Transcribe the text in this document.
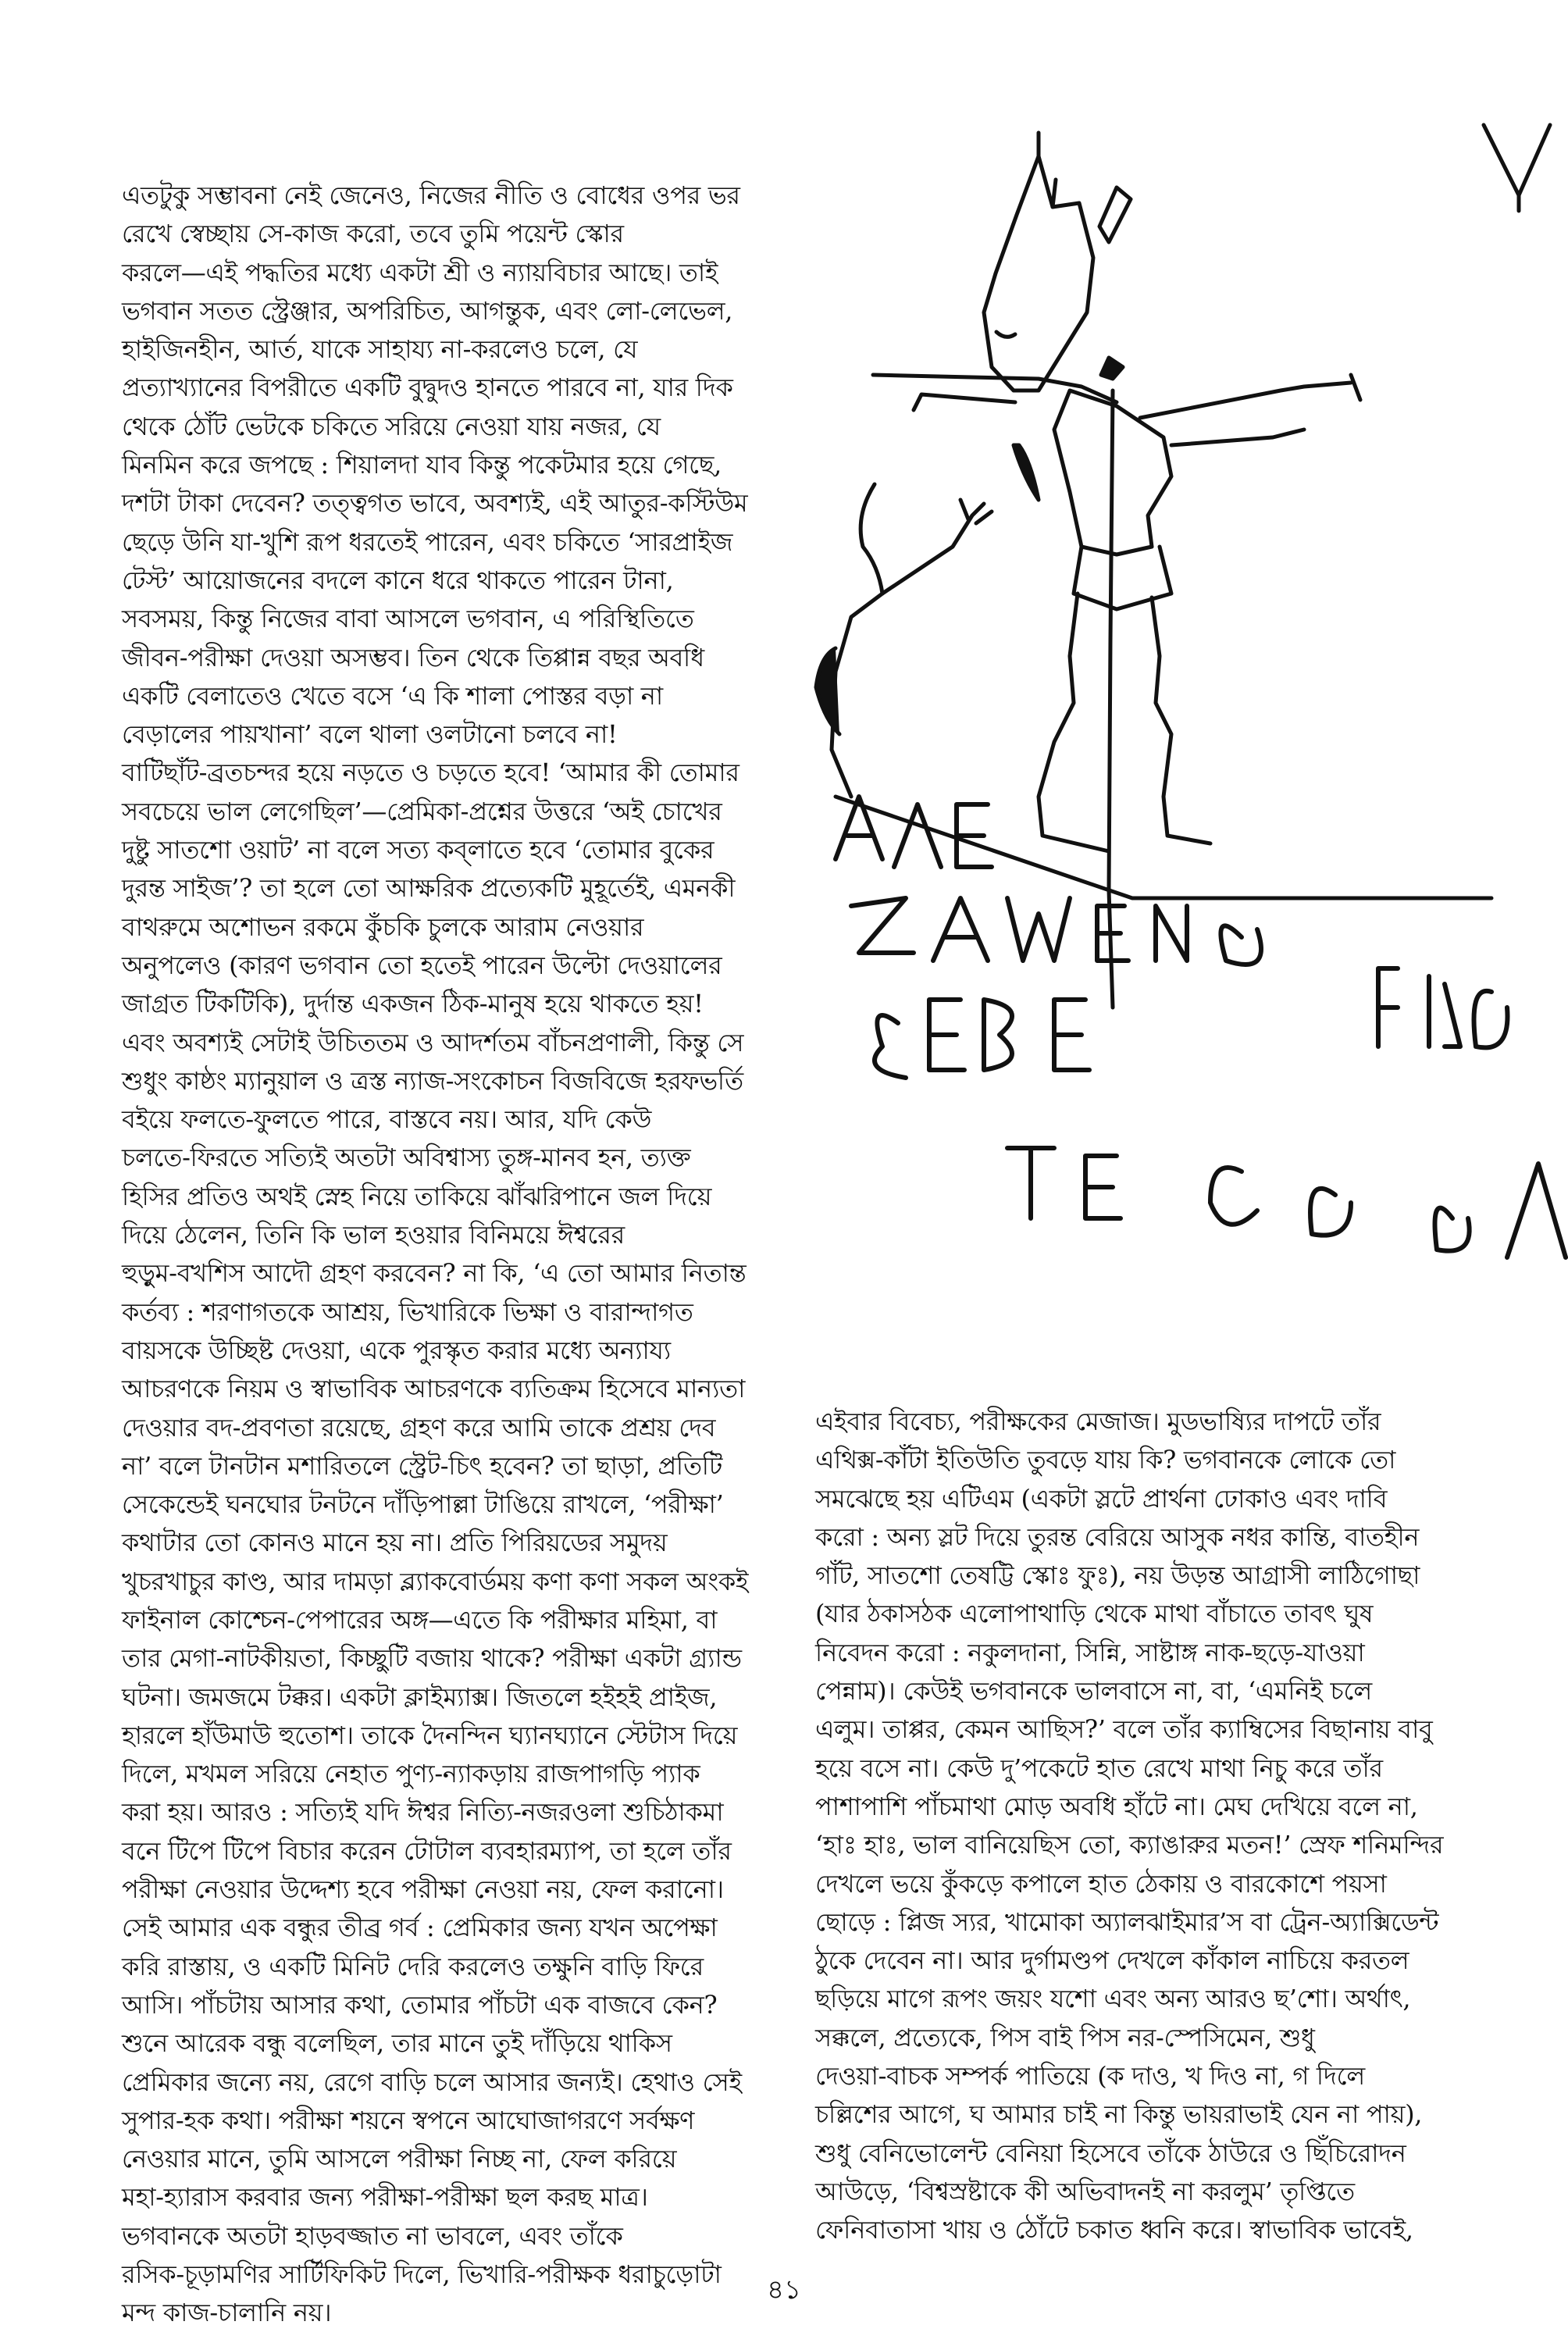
এতটুকু সম্ভাবনা নেই জেনেও, নিজের নীতি ও বোধের ওপর ভর

রেখে স্বেচ্ছায় সে-কাজ করো, তবে তুমি পয়েন্ট স্কোর

করলে—এই পদ্ধতির মধ্যে একটা শ্রী ও ন্যায়বিচার আছে। তাই

ভগবান সতত স্ট্রেঞ্জার, অপরিচিত, আগন্তুক, এবং লো-লেভেল,

হাইজিনহীন, আর্ত, যাকে সাহায্য না-করলেও চলে, যে

প্রত্যাখ্যানের বিপরীতে একটি বুদ্বুদও হানতে পারবে না, যার দিক

থেকে ঠোঁট ভেটকে চকিতে সরিয়ে নেওয়া যায় নজর, যে

মিনমিন করে জপছে : শিয়ালদা যাব কিন্তু পকেটমার হয়ে গেছে,

দশটা টাকা দেবেন? তত্ত্বগত ভাবে, অবশ্যই, এই আতুর-কস্টিউম

ছেড়ে উনি যা-খুশি রূপ ধরতেই পারেন, এবং চকিতে ‘সারপ্রাইজ

টেস্ট’ আয়োজনের বদলে কানে ধরে থাকতে পারেন টানা,

সবসময়, কিন্তু নিজের বাবা আসলে ভগবান, এ পরিস্থিতিতে

জীবন-পরীক্ষা দেওয়া অসম্ভব। তিন থেকে তিপ্পান্ন বছর অবধি

একটি বেলাতেও খেতে বসে ‘এ কি শালা পোস্তর বড়া না

বেড়ালের পায়খানা’ বলে থালা ওলটানো চলবে না!

বাটিছাঁট-ব্রতচন্দর হয়ে নড়তে ও চড়তে হবে! ‘আমার কী তোমার

সবচেয়ে ভাল লেগেছিল’—প্রেমিকা-প্রশ্নের উত্তরে ‘অই চোখের

দুষ্টু সাতশো ওয়াট’ না বলে সত্য কব্‌লাতে হবে ‘তোমার বুকের

দুরন্ত সাইজ’? তা হলে তো আক্ষরিক প্রত্যেকটি মুহূর্তেই, এমনকী

বাথরুমে অশোভন রকমে কুঁচকি চুলকে আরাম নেওয়ার

অনুপলেও (কারণ ভগবান তো হতেই পারেন উল্টো দেওয়ালের

জাগ্রত টিকটিকি), দুর্দান্ত একজন ঠিক-মানুষ হয়ে থাকতে হয়!

এবং অবশ্যই সেটাই উচিততম ও আদর্শতম বাঁচনপ্রণালী, কিন্তু সে

শুধুং কাষ্ঠং ম্যানুয়াল ও ত্রস্ত ন্যাজ-সংকোচন বিজবিজে হরফভর্তি

বইয়ে ফলতে-ফুলতে পারে, বাস্তবে নয়। আর, যদি কেউ

চলতে-ফিরতে সত্যিই অতটা অবিশ্বাস্য তুঙ্গ-মানব হন, ত্যক্ত

হিসির প্রতিও অথই স্নেহ নিয়ে তাকিয়ে ঝাঁঝরিপানে জল দিয়ে

দিয়ে ঠেলেন, তিনি কি ভাল হওয়ার বিনিময়ে ঈশ্বরের

হুড়ুম-বখশিস আদৌ গ্রহণ করবেন? না কি, ‘এ তো আমার নিতান্ত

কর্তব্য : শরণাগতকে আশ্রয়, ভিখারিকে ভিক্ষা ও বারান্দাগত

বায়সকে উচ্ছিষ্ট দেওয়া, একে পুরস্কৃত করার মধ্যে অন্যায্য

আচরণকে নিয়ম ও স্বাভাবিক আচরণকে ব্যতিক্রম হিসেবে মান্যতা

দেওয়ার বদ-প্রবণতা রয়েছে, গ্রহণ করে আমি তাকে প্রশ্রয় দেব

না’ বলে টানটান মশারিতলে স্ট্রেট-চিৎ হবেন? তা ছাড়া, প্রতিটি

সেকেন্ডেই ঘনঘোর টনটনে দাঁড়িপাল্লা টাঙিয়ে রাখলে, ‘পরীক্ষা’

কথাটার তো কোনও মানে হয় না। প্রতি পিরিয়ডের সমুদয়

খুচরখাচুর কাণ্ড, আর দামড়া ব্ল্যাকবোর্ডময় কণা কণা সকল অংকই

ফাইনাল কোশ্চেন-পেপারের অঙ্গ—এতে কি পরীক্ষার মহিমা, বা

তার মেগা-নাটকীয়তা, কিচ্ছুটি বজায় থাকে? পরীক্ষা একটা গ্র্যান্ড

ঘটনা। জমজমে টক্কর। একটা ক্লাইম্যাক্স। জিতলে হইহই প্রাইজ,

হারলে হাঁউমাউ হুতোশ। তাকে দৈনন্দিন ঘ্যানঘ্যানে স্টেটাস দিয়ে

দিলে, মখমল সরিয়ে নেহাত পুণ্য-ন্যাকড়ায় রাজপাগড়ি প্যাক

করা হয়। আরও : সত্যিই যদি ঈশ্বর নিত্যি-নজরওলা শুচিঠাকমা

বনে টিপে টিপে বিচার করেন টোটাল ব্যবহারম্যাপ, তা হলে তাঁর

পরীক্ষা নেওয়ার উদ্দেশ্য হবে পরীক্ষা নেওয়া নয়, ফেল করানো।

সেই আমার এক বন্ধুর তীব্র গর্ব : প্রেমিকার জন্য যখন অপেক্ষা

করি রাস্তায়, ও একটি মিনিট দেরি করলেও তক্ষুনি বাড়ি ফিরে

আসি। পাঁচটায় আসার কথা, তোমার পাঁচটা এক বাজবে কেন?

শুনে আরেক বন্ধু বলেছিল, তার মানে তুই দাঁড়িয়ে থাকিস

প্রেমিকার জন্যে নয়, রেগে বাড়ি চলে আসার জন্যই। হেথাও সেই

সুপার-হক কথা। পরীক্ষা শয়নে স্বপনে আঘোজাগরণে সর্বক্ষণ

নেওয়ার মানে, তুমি আসলে পরীক্ষা নিচ্ছ না, ফেল করিয়ে

মহা-হ্যারাস করবার জন্য পরীক্ষা-পরীক্ষা ছল করছ মাত্র।

ভগবানকে অতটা হাড়বজ্জাত না ভাবলে, এবং তাঁকে

রসিক-চূড়ামণির সার্টিফিকিট দিলে, ভিখারি-পরীক্ষক ধরাচুড়োটা

মন্দ কাজ-চালানি নয়।

এইবার বিবেচ্য, পরীক্ষকের মেজাজ। মুডভাষ্যির দাপটে তাঁর

এথিক্স-কাঁটা ইতিউতি তুবড়ে যায় কি? ভগবানকে লোকে তো

সমঝেছে হয় এটিএম (একটা স্লটে প্রার্থনা ঢোকাও এবং দাবি

করো : অন্য স্লট দিয়ে তুরন্ত বেরিয়ে আসুক নধর কান্তি, বাতহীন

গাঁট, সাতশো তেষট্টি স্কোঃ ফুঃ), নয় উড়ন্ত আগ্রাসী লাঠিগোছা

(যার ঠকাসঠক এলোপাথাড়ি থেকে মাথা বাঁচাতে তাবৎ ঘুষ

নিবেদন করো : নকুলদানা, সিন্নি, সাষ্টাঙ্গ নাক-ছড়ে-যাওয়া

পেন্নাম)। কেউই ভগবানকে ভালবাসে না, বা, ‘এমনিই চলে

এলুম। তাপ্পর, কেমন আছিস?’ বলে তাঁর ক্যাম্বিসের বিছানায় বাবু

হয়ে বসে না। কেউ দু’পকেটে হাত রেখে মাথা নিচু করে তাঁর

পাশাপাশি পাঁচমাথা মোড় অবধি হাঁটে না। মেঘ দেখিয়ে বলে না,

‘হাঃ হাঃ, ভাল বানিয়েছিস তো, ক্যাঙারুর মতন!’ স্রেফ শনিমন্দির

দেখলে ভয়ে কুঁকড়ে কপালে হাত ঠেকায় ও বারকোশে পয়সা

ছোড়ে : প্লিজ স্যর, খামোকা অ্যালঝাইমার’স বা ট্রেন-অ্যাক্সিডেন্ট

ঠুকে দেবেন না। আর দুর্গামণ্ডপ দেখলে কাঁকাল নাচিয়ে করতল

ছড়িয়ে মাগে রূপং জয়ং যশো এবং অন্য আরও ছ’শো। অর্থাৎ,

সক্কলে, প্রত্যেকে, পিস বাই পিস নর-স্পেসিমেন, শুধু

দেওয়া-বাচক সম্পর্ক পাতিয়ে (ক দাও, খ দিও না, গ দিলে

চল্লিশের আগে, ঘ আমার চাই না কিন্তু ভায়রাভাই যেন না পায়),

শুধু বেনিভোলেন্ট বেনিয়া হিসেবে তাঁকে ঠাউরে ও ছিঁচিরোদন

আউড়ে, ‘বিশ্বস্রষ্টাকে কী অভিবাদনই না করলুম’ তৃপ্তিতে

ফেনিবাতাসা খায় ও ঠোঁটে চকাত ধ্বনি করে। স্বাভাবিক ভাবেই,

৪১
